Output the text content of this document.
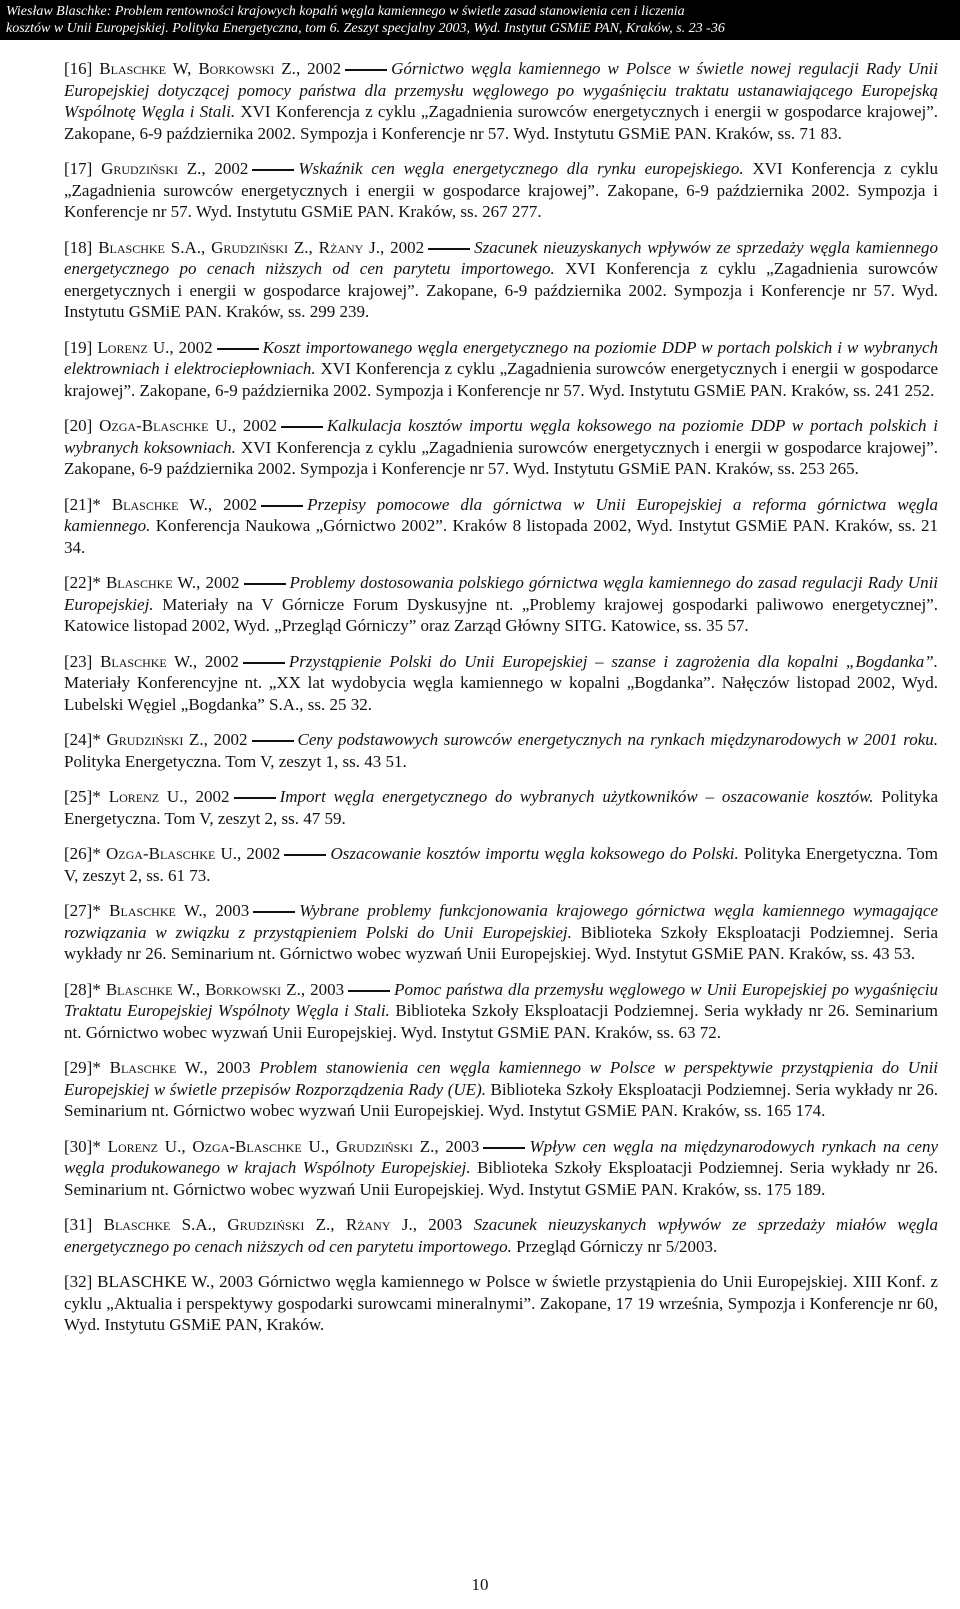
Wiesław Blaschke: Problem rentowności krajowych kopalń węgla kamiennego w świetle zasad stanowienia cen i liczenia
kosztów w Unii Europejskiej. Polityka Energetyczna, tom 6. Zeszyt specjalny 2003, Wyd. Instytut GSMiE PAN, Kraków, s. 23 -36
[16] Blaschke W, Borkowski Z., 2002	Górnictwo węgla kamiennego w Polsce w świetle nowej regulacji Rady Unii Europejskiej dotyczącej pomocy państwa dla przemysłu węglowego po wygaśnięciu traktatu ustanawiającego Europejską Wspólnotę Węgla i Stali. XVI Konferencja z cyklu „Zagadnienia surowców energetycznych i energii w gospodarce krajowej”. Zakopane, 6-9 października 2002. Sympozja i Konferencje nr 57. Wyd. Instytutu GSMiE PAN. Kraków, ss. 71 83.
[17] Grudziński Z., 2002	Wskaźnik cen węgla energetycznego dla rynku europejskiego. XVI Konferencja z cyklu „Zagadnienia surowców energetycznych i energii w gospodarce krajowej”. Zakopane, 6-9 października 2002. Sympozja i Konferencje nr 57. Wyd. Instytutu GSMiE PAN. Kraków, ss. 267 277.
[18] Blaschke S.A., Grudziński Z., Rżany J., 2002	Szacunek nieuzyskanych wpływów ze sprzedaży węgla kamiennego energetycznego po cenach niższych od cen parytetu importowego. XVI Konferencja z cyklu „Zagadnienia surowców energetycznych i energii w gospodarce krajowej”. Zakopane, 6-9 października 2002. Sympozja i Konferencje nr 57. Wyd. Instytutu GSMiE PAN. Kraków, ss. 299 239.
[19] Lorenz U., 2002	Koszt importowanego węgla energetycznego na poziomie DDP w portach polskich i w wybranych elektrowniach i elektrociepłowniach. XVI Konferencja z cyklu „Zagadnienia surowców energetycznych i energii w gospodarce krajowej”. Zakopane, 6-9 października 2002. Sympozja i Konferencje nr 57. Wyd. Instytutu GSMiE PAN. Kraków, ss. 241 252.
[20] Ozga-Blaschke U., 2002	Kalkulacja kosztów importu węgla koksowego na poziomie DDP w portach polskich i wybranych koksowniach. XVI Konferencja z cyklu „Zagadnienia surowców energetycznych i energii w gospodarce krajowej”. Zakopane, 6-9 października 2002. Sympozja i Konferencje nr 57. Wyd. Instytutu GSMiE PAN. Kraków, ss. 253 265.
[21]* Blaschke W., 2002	Przepisy pomocowe dla górnictwa w Unii Europejskiej a reforma górnictwa węgla kamiennego. Konferencja Naukowa „Górnictwo 2002”. Kraków 8 listopada 2002, Wyd. Instytut GSMiE PAN. Kraków, ss. 21 34.
[22]* Blaschke W., 2002	Problemy dostosowania polskiego górnictwa węgla kamiennego do zasad regulacji Rady Unii Europejskiej. Materiały na V Górnicze Forum Dyskusyjne nt. „Problemy krajowej gospodarki paliwowo energetycznej”. Katowice listopad 2002, Wyd. „Przegląd Górniczy” oraz Zarząd Główny SITG. Katowice, ss. 35 57.
[23] Blaschke W., 2002	Przystąpienie Polski do Unii Europejskiej – szanse i zagrożenia dla kopalni „Bogdanka”. Materiały Konferencyjne nt. „XX lat wydobycia węgla kamiennego w kopalni „Bogdanka”. Nałęczów listopad 2002, Wyd. Lubelski Węgiel „Bogdanka” S.A., ss. 25 32.
[24]* Grudziński Z., 2002	Ceny podstawowych surowców energetycznych na rynkach międzynarodowych w 2001 roku. Polityka Energetyczna. Tom V, zeszyt 1, ss. 43 51.
[25]* Lorenz U., 2002	Import węgla energetycznego do wybranych użytkowników – oszacowanie kosztów. Polityka Energetyczna. Tom V, zeszyt 2, ss. 47 59.
[26]* Ozga-Blaschke U., 2002	Oszacowanie kosztów importu węgla koksowego do Polski. Polityka Energetyczna. Tom V, zeszyt 2, ss. 61 73.
[27]* Blaschke W., 2003	Wybrane problemy funkcjonowania krajowego górnictwa węgla kamiennego wymagające rozwiązania w związku z przystąpieniem Polski do Unii Europejskiej. Biblioteka Szkoły Eksploatacji Podziemnej. Seria wykłady nr 26. Seminarium nt. Górnictwo wobec wyzwań Unii Europejskiej. Wyd. Instytut GSMiE PAN. Kraków, ss. 43 53.
[28]* Blaschke W., Borkowski Z., 2003	Pomoc państwa dla przemysłu węglowego w Unii Europejskiej po wygaśnięciu Traktatu Europejskiej Wspólnoty Węgla i Stali. Biblioteka Szkoły Eksploatacji Podziemnej. Seria wykłady nr 26. Seminarium nt. Górnictwo wobec wyzwań Unii Europejskiej. Wyd. Instytut GSMiE PAN. Kraków, ss. 63 72.
[29]* Blaschke W., 2003 Problem stanowienia cen węgla kamiennego w Polsce w perspektywie przystąpienia do Unii Europejskiej w świetle przepisów Rozporządzenia Rady (UE). Biblioteka Szkoły Eksploatacji Podziemnej. Seria wykłady nr 26. Seminarium nt. Górnictwo wobec wyzwań Unii Europejskiej. Wyd. Instytut GSMiE PAN. Kraków, ss. 165 174.
[30]* Lorenz U., Ozga-Blaschke U., Grudziński Z., 2003	Wpływ cen węgla na międzynarodowych rynkach na ceny węgla produkowanego w krajach Wspólnoty Europejskiej. Biblioteka Szkoły Eksploatacji Podziemnej. Seria wykłady nr 26. Seminarium nt. Górnictwo wobec wyzwań Unii Europejskiej. Wyd. Instytut GSMiE PAN. Kraków, ss. 175 189.
[31] Blaschke S.A., Grudziński Z., Rżany J., 2003 Szacunek nieuzyskanych wpływów ze sprzedaży miałów węgla energetycznego po cenach niższych od cen parytetu importowego. Przegląd Górniczy nr 5/2003.
[32] BLASCHKE W., 2003 Górnictwo węgla kamiennego w Polsce w świetle przystąpienia do Unii Europejskiej. XIII Konf. z cyklu „Aktualia i perspektywy gospodarki surowcami mineralnymi”. Zakopane, 17 19 września, Sympozja i Konferencje nr 60, Wyd. Instytutu GSMiE PAN, Kraków.
10
